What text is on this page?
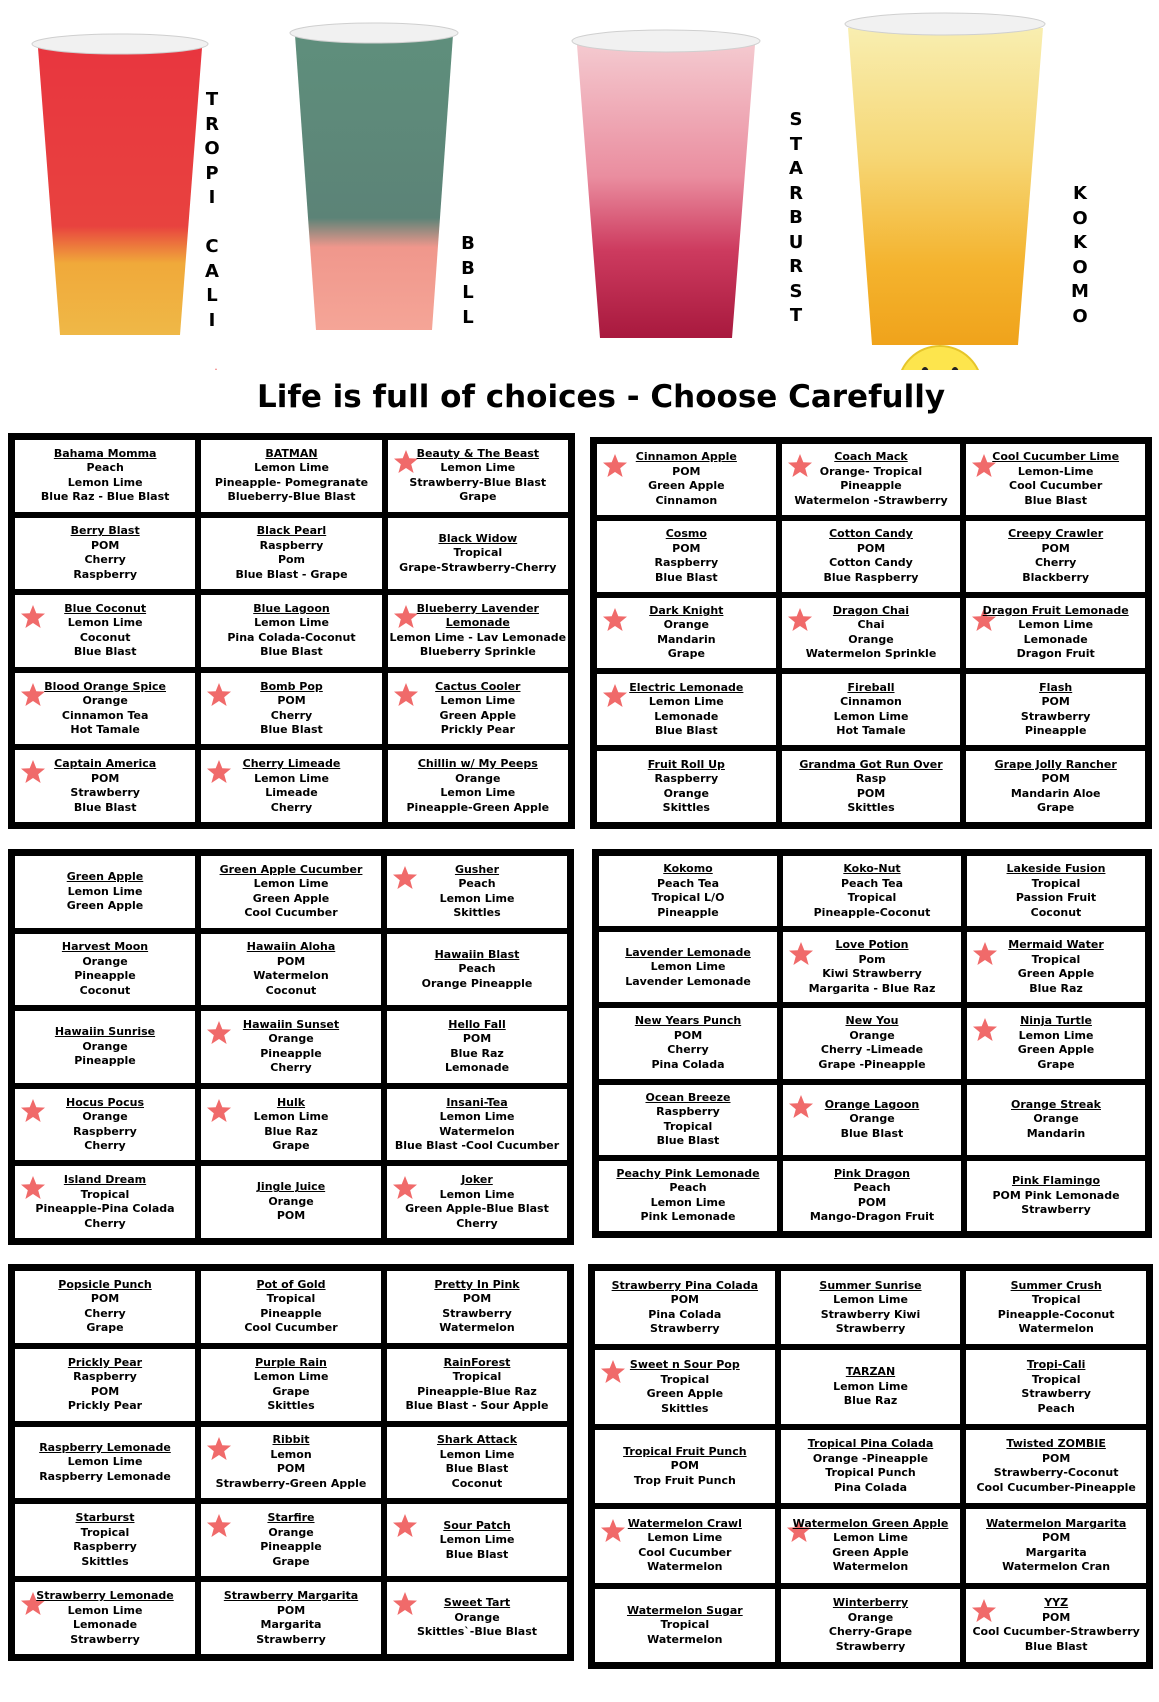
T
R
O
P
I

C
A
L
I
B
B
L
L
S
T
A
R
B
U
R
S
T
K
O
K
O
M
O
Life is full of choices - Choose Carefully
Bahama Momma
Peach
Lemon Lime
Blue Raz - Blue Blast
BATMAN
Lemon Lime
Pineapple- Pomegranate
Blueberry-Blue Blast
Beauty & The Beast
Lemon Lime
Strawberry-Blue Blast
Grape
Berry Blast
POM
Cherry
Raspberry
Black Pearl
Raspberry
Pom
Blue Blast - Grape
Black Widow
Tropical
Grape-Strawberry-Cherry
Blue Coconut
Lemon Lime
Coconut
Blue Blast
Blue Lagoon
Lemon Lime
Pina Colada-Coconut
Blue Blast
Blueberry Lavender Lemonade
Lemon Lime - Lav Lemonade
Blueberry Sprinkle
Blood Orange Spice
Orange
Cinnamon Tea
Hot Tamale
Bomb Pop
POM
Cherry
Blue Blast
Cactus Cooler
Lemon Lime
Green Apple
Prickly Pear
Captain America
POM
Strawberry
Blue Blast
Cherry Limeade
Lemon Lime
Limeade
Cherry
Chillin w/ My Peeps
Orange
Lemon Lime
Pineapple-Green Apple
Cinnamon Apple
POM
Green Apple
Cinnamon
Coach Mack
Orange- Tropical
Pineapple
Watermelon -Strawberry
Cool Cucumber Lime
Lemon-Lime
Cool Cucumber
Blue Blast
Cosmo
POM
Raspberry
Blue Blast
Cotton Candy
POM
Cotton Candy
Blue Raspberry
Creepy Crawler
POM
Cherry
Blackberry
Dark Knight
Orange
Mandarin
Grape
Dragon Chai
Chai
Orange
Watermelon Sprinkle
Dragon Fruit Lemonade
Lemon Lime
Lemonade
Dragon Fruit
Electric Lemonade
Lemon Lime
Lemonade
Blue Blast
Fireball
Cinnamon
Lemon Lime
Hot Tamale
Flash
POM
Strawberry
Pineapple
Fruit Roll Up
Raspberry
Orange
Skittles
Grandma Got Run Over
Rasp
POM
Skittles
Grape Jolly Rancher
POM
Mandarin Aloe
Grape
Green Apple
Lemon Lime
Green Apple
Green Apple Cucumber
Lemon Lime
Green Apple
Cool Cucumber
Gusher
Peach
Lemon Lime
Skittles
Harvest Moon
Orange
Pineapple
Coconut
Hawaiin Aloha
POM
Watermelon
Coconut
Hawaiin Blast
Peach
Orange Pineapple
Hawaiin Sunrise
Orange
Pineapple
Hawaiin Sunset
Orange
Pineapple
Cherry
Hello Fall
POM
Blue Raz
Lemonade
Hocus Pocus
Orange
Raspberry
Cherry
Hulk
Lemon Lime
Blue Raz
Grape
Insani-Tea
Lemon Lime
Watermelon
Blue Blast -Cool Cucumber
Island Dream
Tropical
Pineapple-Pina Colada
Cherry
Jingle Juice
Orange
POM
Joker
Lemon Lime
Green Apple-Blue Blast
Cherry
Kokomo
Peach Tea
Tropical L/O
Pineapple
Koko-Nut
Peach Tea
Tropical
Pineapple-Coconut
Lakeside Fusion
Tropical
Passion Fruit
Coconut
Lavender Lemonade
Lemon Lime
Lavender Lemonade
Love Potion
Pom
Kiwi Strawberry
Margarita - Blue Raz
Mermaid Water
Tropical
Green Apple
Blue Raz
New Years Punch
POM
Cherry
Pina Colada
New You
Orange
Cherry -Limeade
Grape -Pineapple
Ninja Turtle
Lemon Lime
Green Apple
Grape
Ocean Breeze
Raspberry
Tropical
Blue Blast
Orange Lagoon
Orange
Blue Blast
Orange Streak
Orange
Mandarin
Peachy Pink Lemonade
Peach
Lemon Lime
Pink Lemonade
Pink Dragon
Peach
POM
Mango-Dragon Fruit
Pink Flamingo
POM Pink Lemonade
Strawberry
Popsicle Punch
POM
Cherry
Grape
Pot of Gold
Tropical
Pineapple
Cool Cucumber
Pretty In Pink
POM
Strawberry
Watermelon
Prickly Pear
Raspberry
POM
Prickly Pear
Purple Rain
Lemon Lime
Grape
Skittles
RainForest
Tropical
Pineapple-Blue Raz
Blue Blast - Sour Apple
Raspberry Lemonade
Lemon Lime
Raspberry Lemonade
Ribbit
Lemon
POM
Strawberry-Green Apple
Shark Attack
Lemon Lime
Blue Blast
Coconut
Starburst
Tropical
Raspberry
Skittles
Starfire
Orange
Pineapple
Grape
Sour Patch
Lemon Lime
Blue Blast
Strawberry Lemonade
Lemon Lime
Lemonade
Strawberry
Strawberry Margarita
POM
Margarita
Strawberry
Sweet Tart
Orange
Skittles`-Blue Blast
Strawberry Pina Colada
POM
Pina Colada
Strawberry
Summer Sunrise
Lemon Lime
Strawberry Kiwi
Strawberry
Summer Crush
Tropical
Pineapple-Coconut
Watermelon
Sweet n Sour Pop
Tropical
Green Apple
Skittles
TARZAN
Lemon Lime
Blue Raz
Tropi-Cali
Tropical
Strawberry
Peach
Tropical Fruit Punch
POM
Trop Fruit Punch
Tropical Pina Colada
Orange -Pineapple
Tropical Punch
Pina Colada
Twisted ZOMBIE
POM
Strawberry-Coconut
Cool Cucumber-Pineapple
Watermelon Crawl
Lemon Lime
Cool Cucumber
Watermelon
Watermelon Green Apple
Lemon Lime
Green Apple
Watermelon
Watermelon Margarita
POM
Margarita
Watermelon Cran
Watermelon Sugar
Tropical
Watermelon
Winterberry
Orange
Cherry-Grape
Strawberry
YYZ
POM
Cool Cucumber-Strawberry
Blue Blast
